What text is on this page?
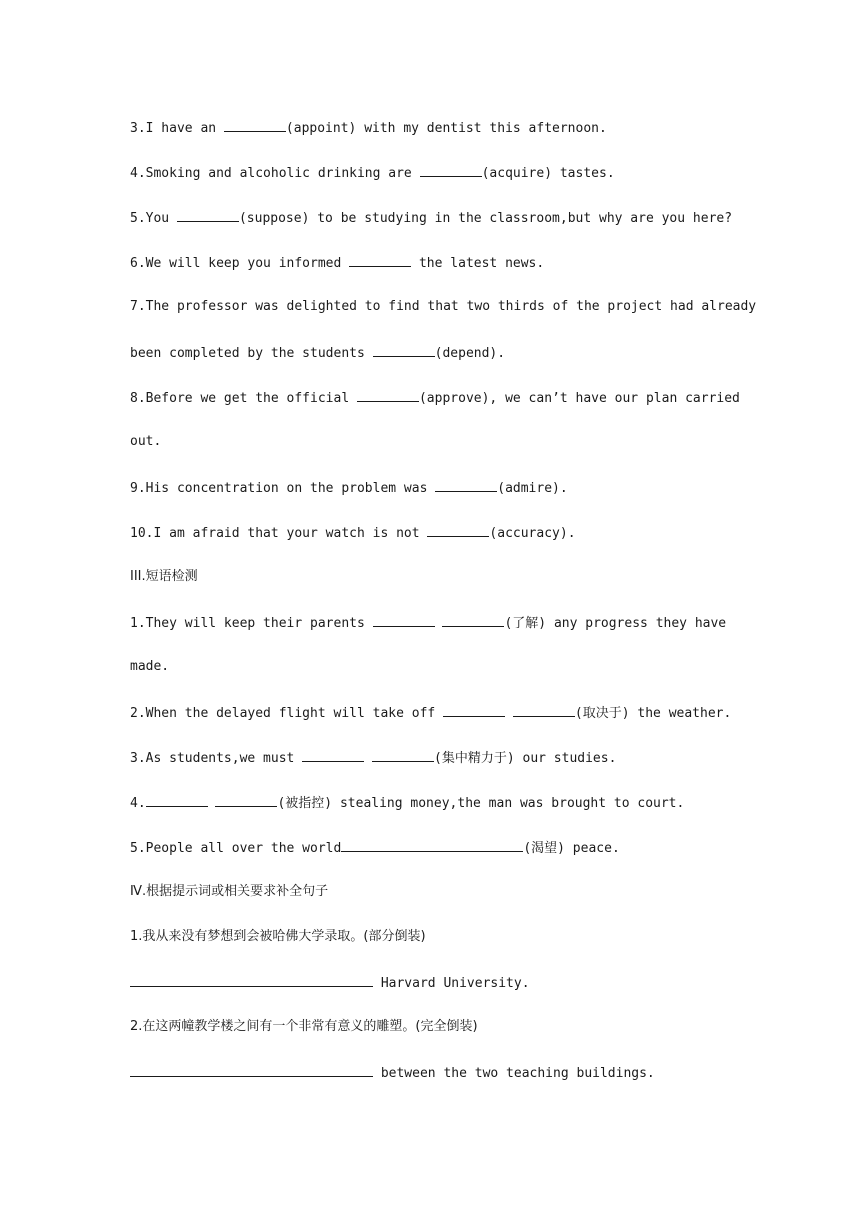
3.I have an	(appoint) with my dentist this afternoon.
4.Smoking and alcoholic drinking are	(acquire) tastes.
5.You	(suppose) to be studying in the classroom,but why are you here?
6.We will keep you informed	the latest news.
7.The professor was delighted to find that two thirds of the project had already
been completed by the students	(depend).
8.Before we get the official	(approve), we can’t have our plan carried
out.
9.His concentration on the problem was	(admire).
10.I am afraid that your watch is not	(accuracy).
III.短语检测
1.They will keep their parents	(了解) any progress they have
made.
2.When the delayed flight will take off	(取决于) the weather.
3.As students,we must	(集中精力于) our studies.
4.	(被指控) stealing money,the man was brought to court.
5.People all over the world	(渴望) peace.
Ⅳ.根据提示词或相关要求补全句子
1.我从来没有梦想到会被哈佛大学录取。(部分倒装)
Harvard University.
2.在这两幢教学楼之间有一个非常有意义的雕塑。(完全倒装)
between the two teaching buildings.
